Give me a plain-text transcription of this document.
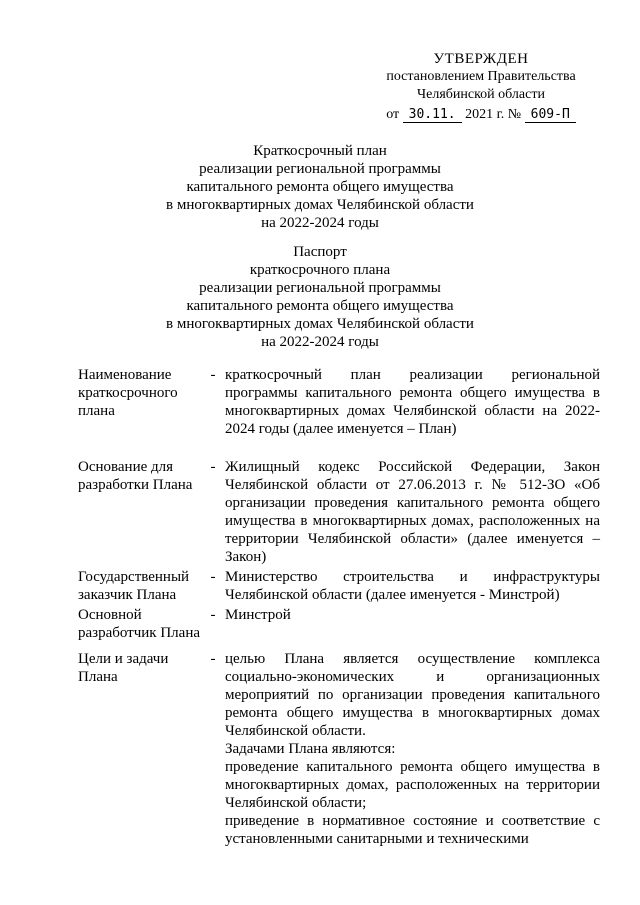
УТВЕРЖДЕН
постановлением Правительства
Челябинской области
от 30.11. 2021 г. № 609-П
Краткосрочный план
реализации региональной программы
капитального ремонта общего имущества
в многоквартирных домах Челябинской области
на 2022-2024 годы
Паспорт
краткосрочного плана
реализации региональной программы
капитального ремонта общего имущества
в многоквартирных домах Челябинской области
на 2022-2024 годы
Наименование краткосрочного плана
- краткосрочный план реализации региональной программы капитального ремонта общего имущества в многоквартирных домах Челябинской области на 2022-2024 годы (далее именуется – План)

Основание для разработки Плана
- Жилищный кодекс Российской Федерации, Закон Челябинской области от 27.06.2013 г. № 512-ЗО «Об организации проведения капитального ремонта общего имущества в многоквартирных домах, расположенных на территории Челябинской области» (далее именуется – Закон)

Государственный заказчик Плана
- Министерство строительства и инфраструктуры Челябинской области (далее именуется - Минстрой)

Основной разработчик Плана
- Минстрой

Цели и задачи Плана
- целью Плана является осуществление комплекса социально-экономических и организационных мероприятий по организации проведения капитального ремонта общего имущества в многоквартирных домах Челябинской области.

Задачами Плана являются:

проведение капитального ремонта общего имущества в многоквартирных домах, расположенных на территории Челябинской области;

приведение в нормативное состояние и соответствие с установленными санитарными и техническими
